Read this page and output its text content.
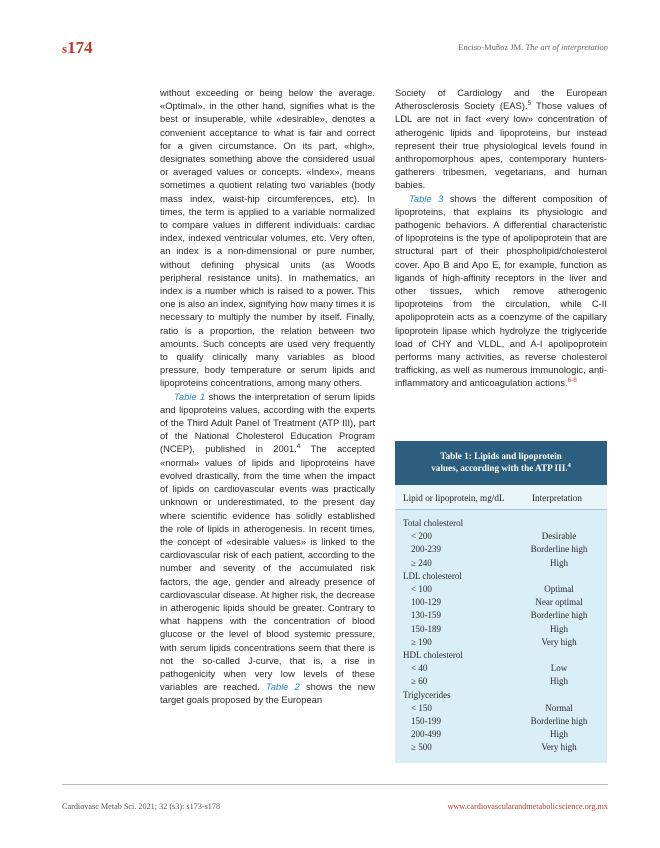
s174	Enciso-Muñoz JM. The art of interpretation

without exceeding or being below the average. «Optimal», in the other hand, signifies what is the best or insuperable, while «desirable», denotes a convenient acceptance to what is fair and correct for a given circumstance. On its part, «high», designates something above the considered usual or averaged values or concepts. «Index», means sometimes a quotient relating two variables (body mass index, waist-hip circumferences, etc). In times, the term is applied to a variable normalized to compare values in different individuals: cardiac index, indexed ventricular volumes, etc. Very often, an index is a non-dimensional or pure number, without defining physical units (as Woods peripheral resistance units). In mathematics, an index is a number which is raised to a power. This one is also an index, signifying how many times it is necessary to multiply the number by itself. Finally, ratio is a proportion, the relation between two amounts. Such concepts are used very frequently to qualify clinically many variables as blood pressure, body temperature or serum lipids and lipoproteins concentrations, among many others.

Table 1 shows the interpretation of serum lipids and lipoproteins values, according with the experts of the Third Adult Panel of Treatment (ATP III), part of the National Cholesterol Education Program (NCEP), published in 2001.$^4$ The accepted «normal» values of lipids and lipoproteins have evolved drastically, from the time when the impact of lipids on cardiovascular events was practically unknown or underestimated, to the present day where scientific evidence has solidly established the role of lipids in atherogenesis. In recent times, the concept of «desirable values» is linked to the cardiovascular risk of each patient, according to the number and severity of the accumulated risk factors, the age, gender and already presence of cardiovascular disease. At higher risk, the decrease in atherogenic lipids should be greater. Contrary to what happens with the concentration of blood glucose or the level of blood systemic pressure, with serum lipids concentrations seem that there is not the so-called J-curve, that is, a rise in pathogenicity when very low levels of these variables are reached. Table 2 shows the new target goals proposed by the European

Society of Cardiology and the European Atherosclerosis Society (EAS).$^5$ Those values of LDL are not in fact «very low» concentration of atherogenic lipids and lipoproteins, bur instead represent their true physiological levels found in anthropomorphous apes, contemporary hunters-gatherers tribesmen, vegetarians, and human babies.

Table 3 shows the different composition of lipoproteins, that explains its physiologic and pathogenic behaviors. A differential characteristic of lipoproteins is the type of apolipoprotein that are structural part of their phospholipid/cholesterol cover. Apo B and Apo E, for example, function as ligands of high-affinity receptors in the liver and other tissues, which remove atherogenic lipoproteins from the circulation, while C-II apolipoprotein acts as a coenzyme of the capillary lipoprotein lipase which hydrolyze the triglyceride load of CHY and VLDL, and A-I apolipoprotein performs many activities, as reverse cholesterol trafficking, as well as numerous immunologic, anti-inflammatory and anticoagulation actions.$^{6-8}$

Table 1: Lipids and lipoprotein
values, according with the ATP III.$^4$
Lipid or lipoprotein, mg/dL	Interpretation
Total cholesterol
< 200	Desirable
200-239	Borderline high
≥ 240	High
LDL cholesterol
< 100	Optimal
100-129	Near optimal
130-159	Borderline high
150-189	High
≥ 190	Very high
HDL cholesterol
< 40	Low
≥ 60	High
Triglycerides
< 150	Normal
150-199	Borderline high
200-499	High
≥ 500	Very high
Cardiovasc Metab Sci. 2021; 32 (s3): s173-s178	www.cardiovascularandmetabolicscience.org.mx
